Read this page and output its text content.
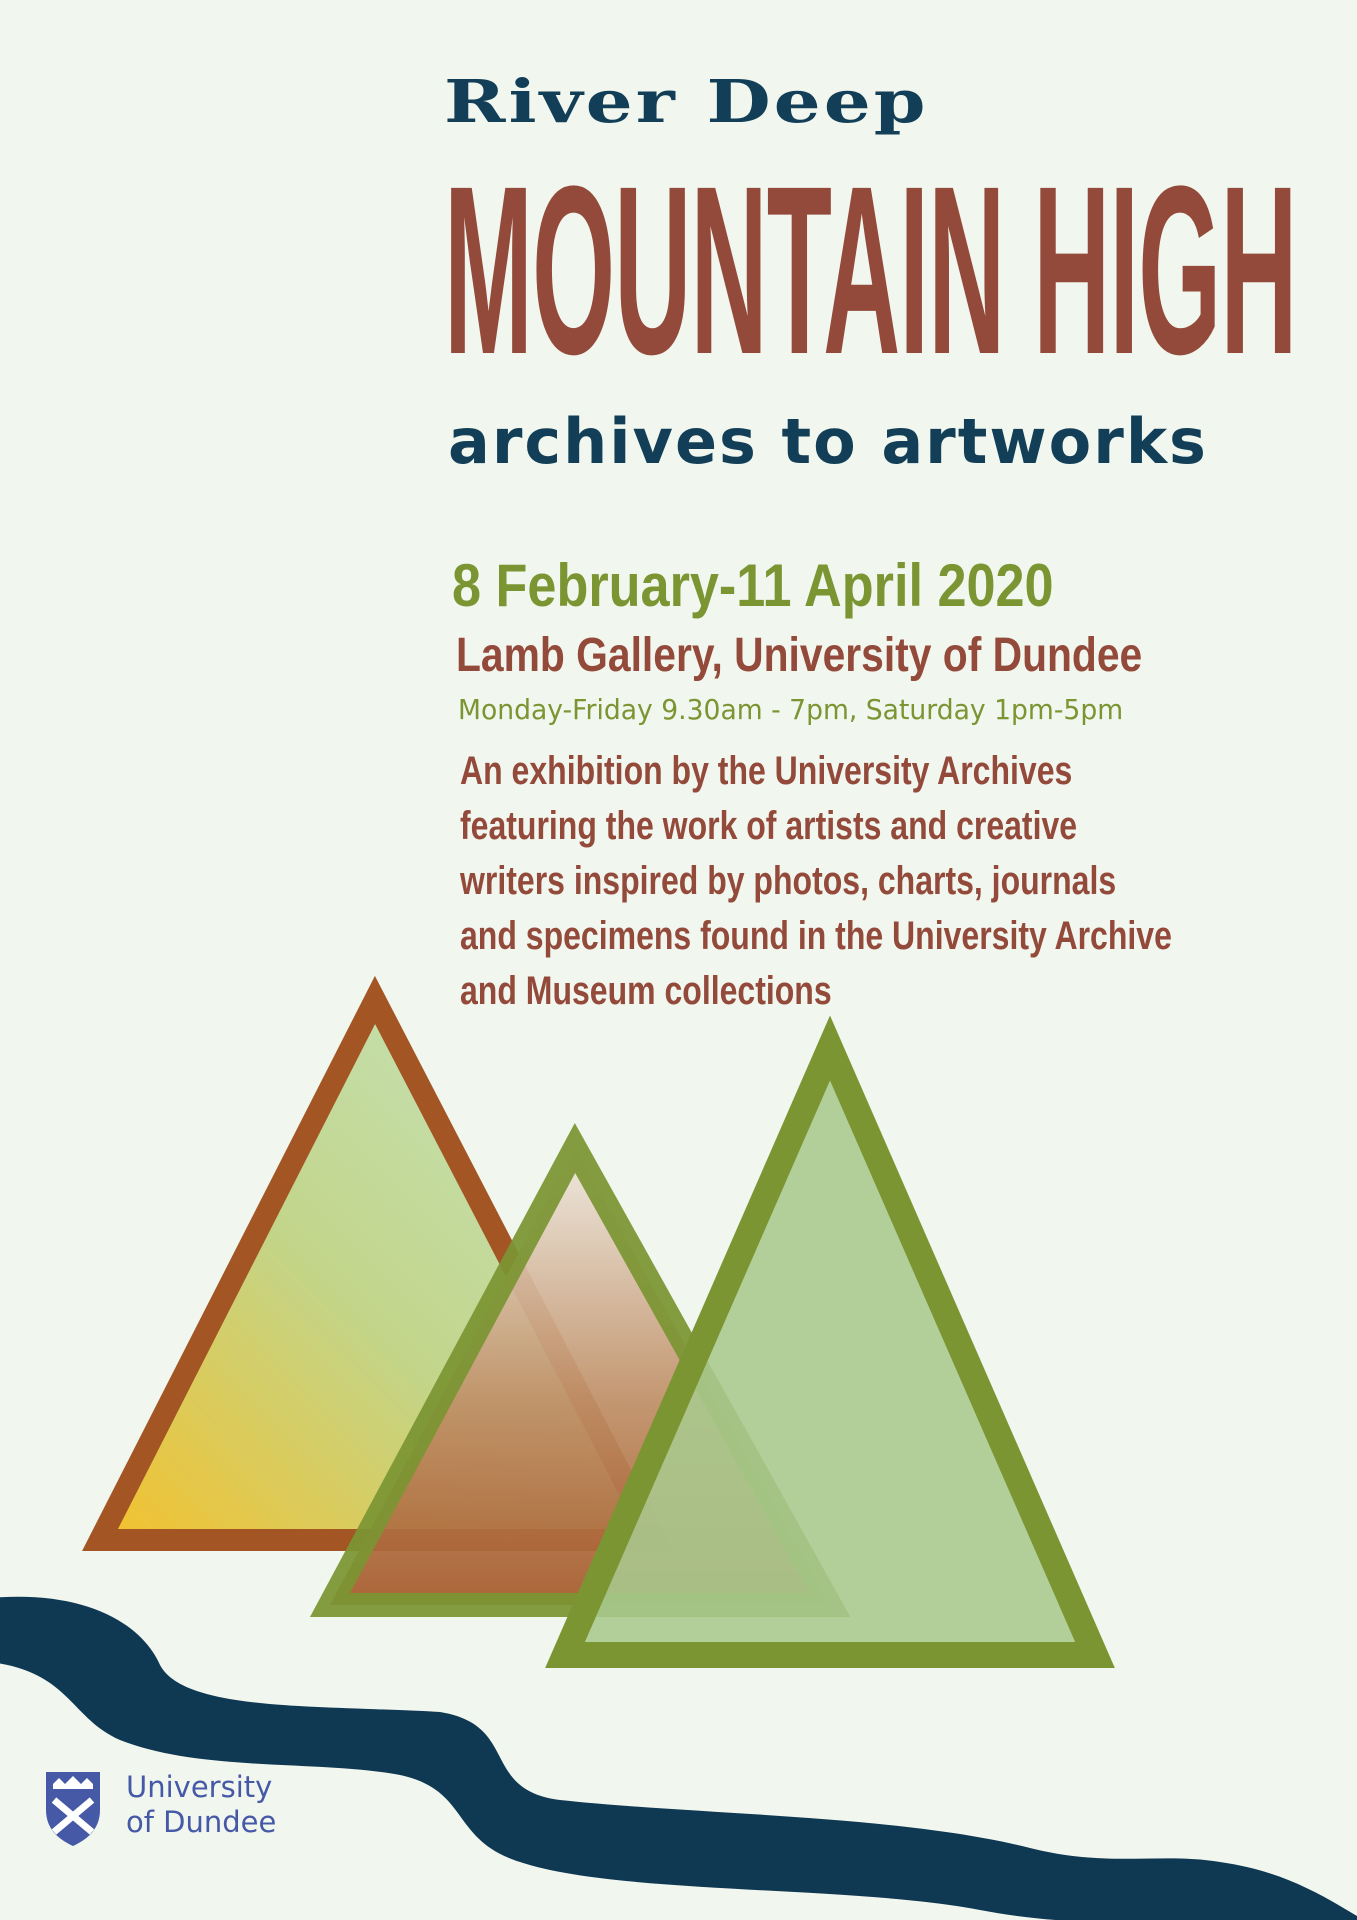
River Deep
MOUNTAIN HIGH
archives to artworks
8 February-11 April 2020
Lamb Gallery, University of Dundee
Monday-Friday 9.30am - 7pm, Saturday 1pm-5pm
An exhibition by the University Archives
featuring the work of artists and creative
writers inspired by photos, charts, journals
and specimens found in the University Archive
and Museum collections
University
of Dundee
